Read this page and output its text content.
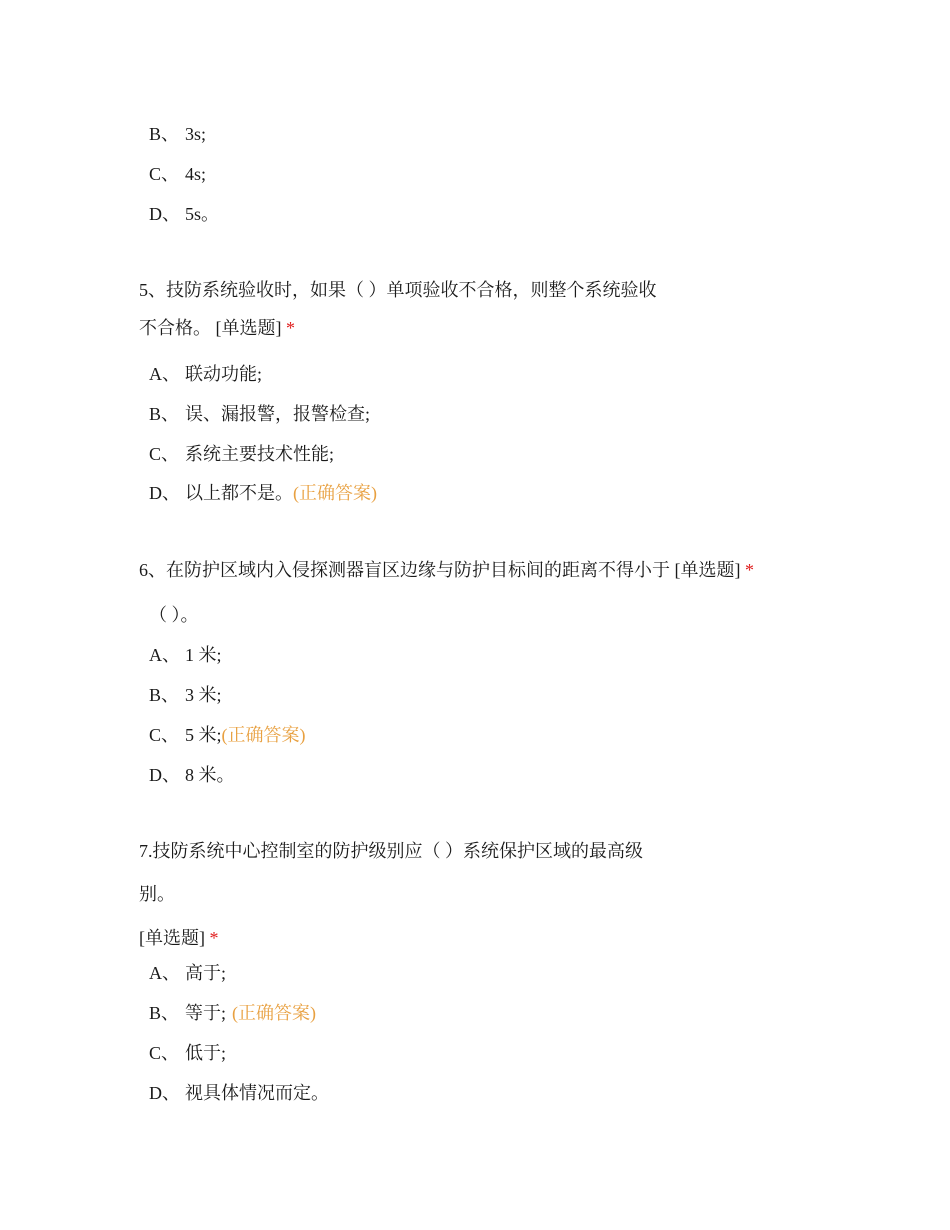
B、 3s;
C、 4s;
D、 5s。
5、技防系统验收时，如果（ ）单项验收不合格，则整个系统验收
不合格。 [单选题] *
A、 联动功能;
B、 误、漏报警，报警检查;
C、 系统主要技术性能;
D、 以上都不是。(正确答案)
6、在防护区域内入侵探测器盲区边缘与防护目标间的距离不得小于 [单选题] *
（ ）。
A、 1 米;
B、 3 米;
C、 5 米;(正确答案)
D、 8 米。
7.技防系统中心控制室的防护级别应（ ）系统保护区域的最高级
别。
[单选题] *
A、 高于;
B、 等于; (正确答案)
C、 低于;
D、 视具体情况而定。
